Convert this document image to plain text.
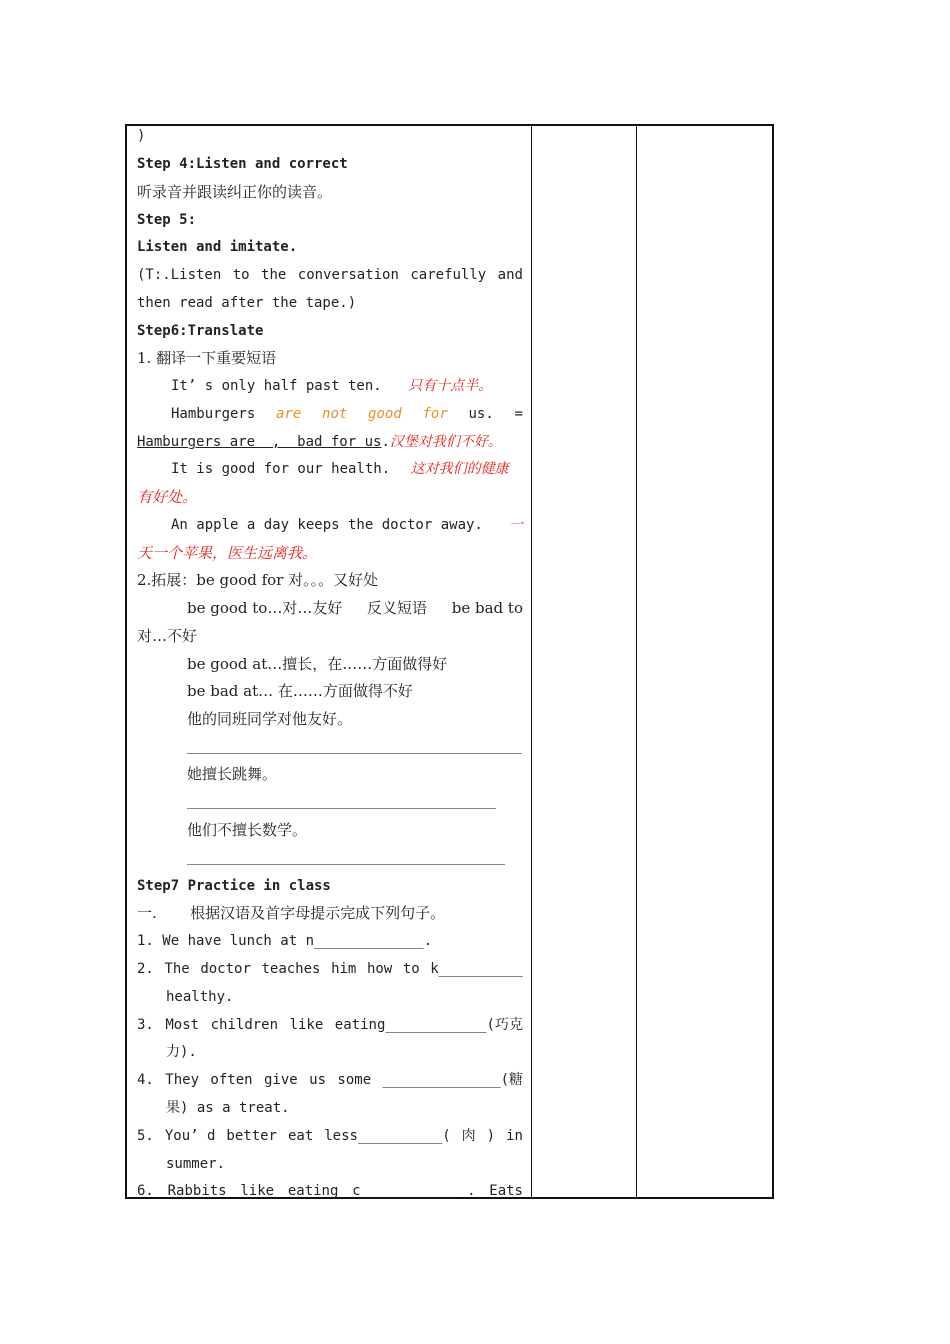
)
Step 4:Listen and correct
听录音并跟读纠正你的读音。
Step 5:
Listen and imitate.
(T:.Listen to the conversation carefully and
then read after the tape.)
Step6:Translate
1. 翻译一下重要短语
It’ s only half past ten. 只有十点半。
Hamburgers are not good for us. =
Hamburgers are  ,  bad for us.汉堡对我们不好。
It is good for our health. 这对我们的健康
有好处。
An apple a day keeps the doctor away. 一
天一个苹果，医生远离我。
2.拓展：be good for 对。。。又好处
be good to…对…友好 反义短语 be bad to
对…不好
be good at…擅长，在……方面做得好
be bad at… 在……方面做得不好
他的同班同学对他友好。
她擅长跳舞。
他们不擅长数学。
Step7 Practice in class
一.       根据汉语及首字母提示完成下列句子。
1. We have lunch at n_____________.
2. The doctor teaches him how to k__________
healthy.
3. Most children like eating____________(巧克
力).
4. They often give us some ______________(糖
果) as a treat.
5. You’ d better eat less__________( 肉 ) in
summer.
6. Rabbits like eating c___________ . Eats
